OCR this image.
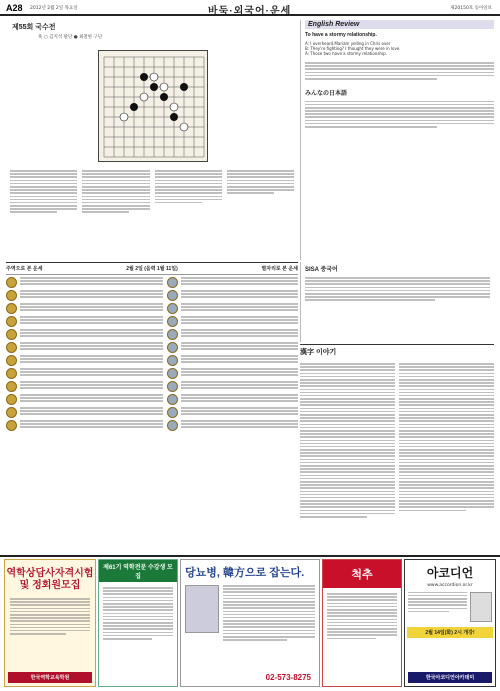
A28 2012년 2월 2일 목요일	바둑·외국어·운세	제20150호 동아일보
제55회 국수전
흑 ○ 김지석 팔단 ● 최철한 구단
English Review
To have a stormy relationship.
A: I overheard Mariam yelling in Chris over
B: They're fighting? I thought they were in love.
A: Those two have a stormy relationship.
みんなの日本語
SISA 중국어
주역으로 본 운세	2월 2일 (음력 1월 11일)	별자리로 본 운세
漢字 이야기
역학상담사자격시험 및 정회원모집
한국역학교육학원
제61기 역학전문 수강생 모집	당뇨병, 韓方으로 잡는다.
02-573-8275
척추	아코디언
www.accordion.or.kr
2월 14일(화) 2시 개강!
한국아코디언아카데미
